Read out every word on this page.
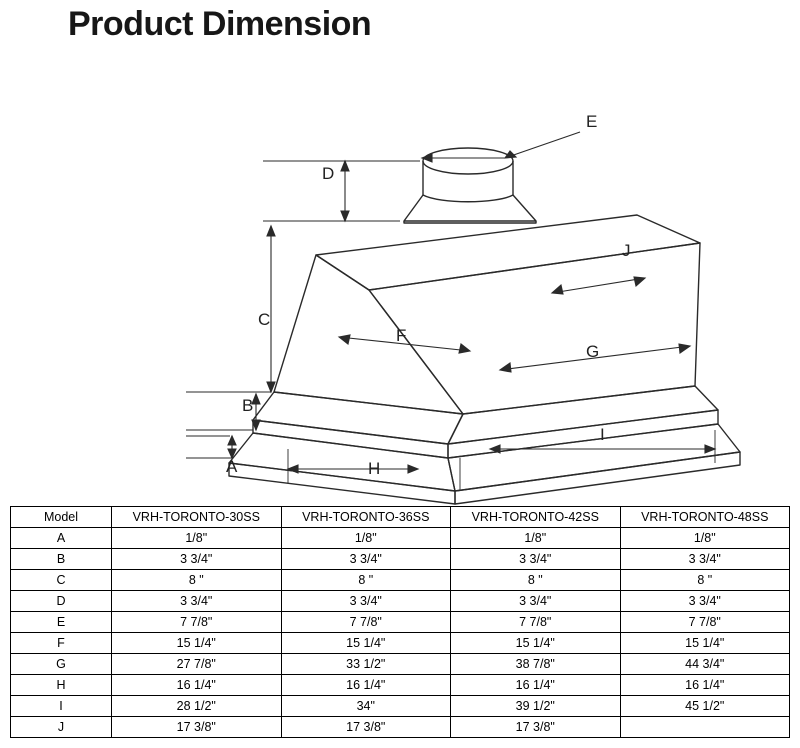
Product Dimension
A
B
C
D
E
F
G
H
I
J
Model	VRH-TORONTO-30SS	VRH-TORONTO-36SS	VRH-TORONTO-42SS	VRH-TORONTO-48SS
A	1/8"	1/8"	1/8"	1/8"
B	3 3/4"	3 3/4"	3 3/4"	3 3/4"
C	8 "	8 "	8 "	8 "
D	3 3/4"	3 3/4"	3 3/4"	3 3/4"
E	7 7/8"	7 7/8"	7 7/8"	7 7/8"
F	15 1/4"	15 1/4"	15 1/4"	15 1/4"
G	27 7/8"	33 1/2"	38 7/8"	44 3/4"
H	16 1/4"	16 1/4"	16 1/4"	16 1/4"
I	28 1/2"	34"	39 1/2"	45 1/2"
J	17 3/8"	17 3/8"	17 3/8"	
